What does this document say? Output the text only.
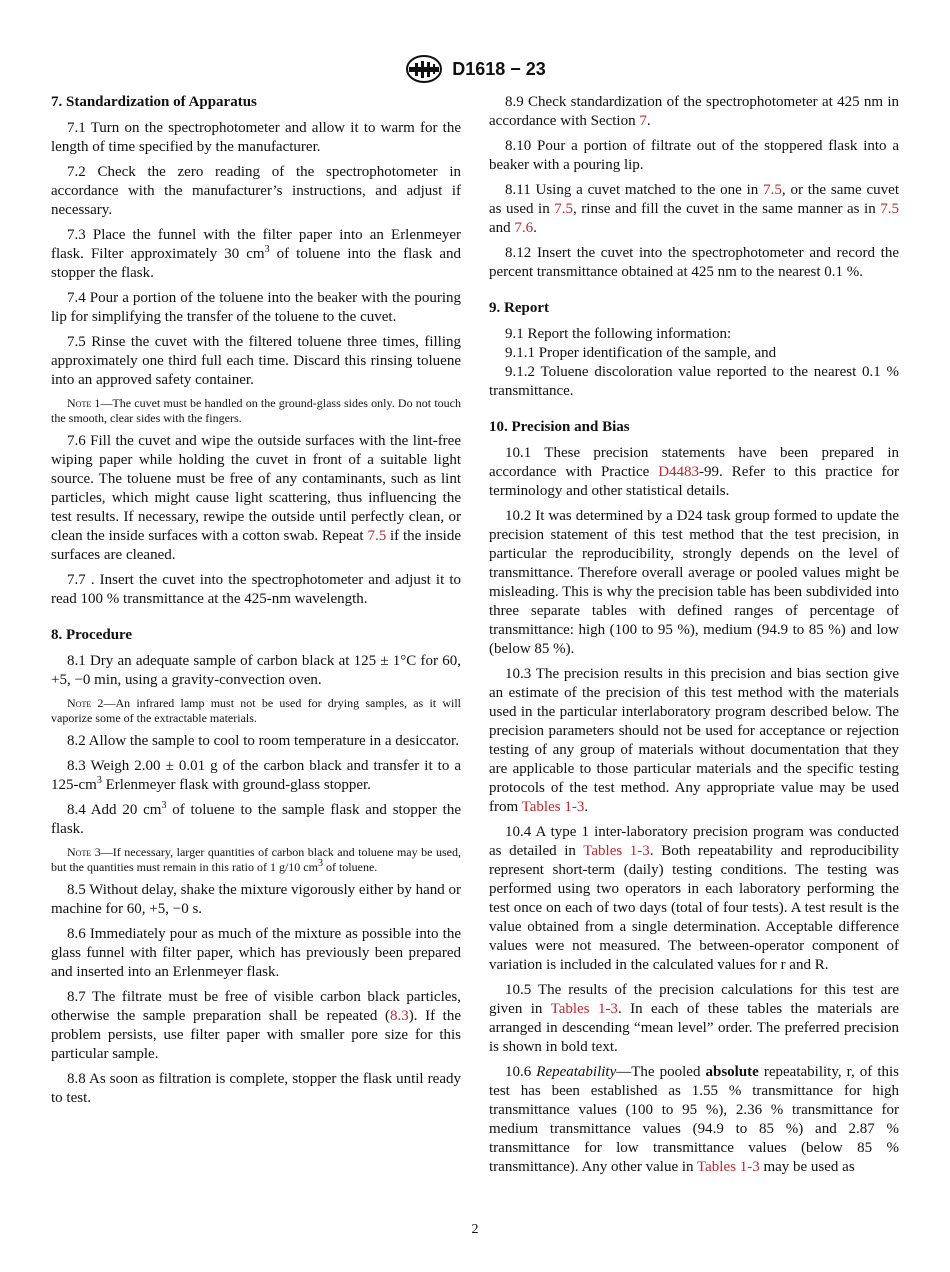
D1618 − 23
7. Standardization of Apparatus

7.1 Turn on the spectrophotometer and allow it to warm for the length of time specified by the manufacturer.

7.2 Check the zero reading of the spectrophotometer in accordance with the manufacturer’s instructions, and adjust if necessary.

7.3 Place the funnel with the filter paper into an Erlenmeyer flask. Filter approximately 30 $cm^3$ of toluene into the flask and stopper the flask.

7.4 Pour a portion of the toluene into the beaker with the pouring lip for simplifying the transfer of the toluene to the cuvet.

7.5 Rinse the cuvet with the filtered toluene three times, filling approximately one third full each time. Discard this rinsing toluene into an approved safety container.

Note 1—The cuvet must be handled on the ground-glass sides only. Do not touch the smooth, clear sides with the fingers.

7.6 Fill the cuvet and wipe the outside surfaces with the lint-free wiping paper while holding the cuvet in front of a suitable light source. The toluene must be free of any contaminants, such as lint particles, which might cause light scattering, thus influencing the test results. If necessary, rewipe the outside until perfectly clean, or clean the inside surfaces with a cotton swab. Repeat 7.5 if the inside surfaces are cleaned.

7.7 . Insert the cuvet into the spectrophotometer and adjust it to read 100 % transmittance at the 425-nm wavelength.

8. Procedure

8.1 Dry an adequate sample of carbon black at 125 ± 1°C for 60, +5, −0 min, using a gravity-convection oven.

Note 2—An infrared lamp must not be used for drying samples, as it will vaporize some of the extractable materials.

8.2 Allow the sample to cool to room temperature in a desiccator.

8.3 Weigh 2.00 ± 0.01 g of the carbon black and transfer it to a $125-cm^3$ Erlenmeyer flask with ground-glass stopper.

8.4 Add 20 $cm^3$ of toluene to the sample flask and stopper the flask.

Note 3—If necessary, larger quantities of carbon black and toluene may be used, but the quantities must remain in this ratio of 1 g/10 $cm^3$ of toluene.

8.5 Without delay, shake the mixture vigorously either by hand or machine for 60, +5, −0 s.

8.6 Immediately pour as much of the mixture as possible into the glass funnel with filter paper, which has previously been prepared and inserted into an Erlenmeyer flask.

8.7 The filtrate must be free of visible carbon black particles, otherwise the sample preparation shall be repeated (8.3). If the problem persists, use filter paper with smaller pore size for this particular sample.

8.8 As soon as filtration is complete, stopper the flask until ready to test.

8.9 Check standardization of the spectrophotometer at 425 nm in accordance with Section 7.

8.10 Pour a portion of filtrate out of the stoppered flask into a beaker with a pouring lip.

8.11 Using a cuvet matched to the one in 7.5, or the same cuvet as used in 7.5, rinse and fill the cuvet in the same manner as in 7.5 and 7.6.

8.12 Insert the cuvet into the spectrophotometer and record the percent transmittance obtained at 425 nm to the nearest 0.1 %.

9. Report

9.1 Report the following information:

9.1.1 Proper identification of the sample, and

9.1.2 Toluene discoloration value reported to the nearest 0.1 % transmittance.

10. Precision and Bias

10.1 These precision statements have been prepared in accordance with Practice D4483-99. Refer to this practice for terminology and other statistical details.

10.2 It was determined by a D24 task group formed to update the precision statement of this test method that the test precision, in particular the reproducibility, strongly depends on the level of transmittance. Therefore overall average or pooled values might be misleading. This is why the precision table has been subdivided into three separate tables with defined ranges of percentage of transmittance: high (100 to 95 %), medium (94.9 to 85 %) and low (below 85 %).

10.3 The precision results in this precision and bias section give an estimate of the precision of this test method with the materials used in the particular interlaboratory program described below. The precision parameters should not be used for acceptance or rejection testing of any group of materials without documentation that they are applicable to those particular materials and the specific testing protocols of the test method. Any appropriate value may be used from Tables 1-3.

10.4 A type 1 inter-laboratory precision program was conducted as detailed in Tables 1-3. Both repeatability and reproducibility represent short-term (daily) testing conditions. The testing was performed using two operators in each laboratory performing the test once on each of two days (total of four tests). A test result is the value obtained from a single determination. Acceptable difference values were not measured. The between-operator component of variation is included in the calculated values for r and R.

10.5 The results of the precision calculations for this test are given in Tables 1-3. In each of these tables the materials are arranged in descending “mean level” order. The preferred precision is shown in bold text.

10.6 Repeatability—The pooled absolute repeatability, r, of this test has been established as 1.55 % transmittance for high transmittance values (100 to 95 %), 2.36 % transmittance for medium transmittance values (94.9 to 85 %) and 2.87 % transmittance for low transmittance values (below 85 % transmittance). Any other value in Tables 1-3 may be used as

2
